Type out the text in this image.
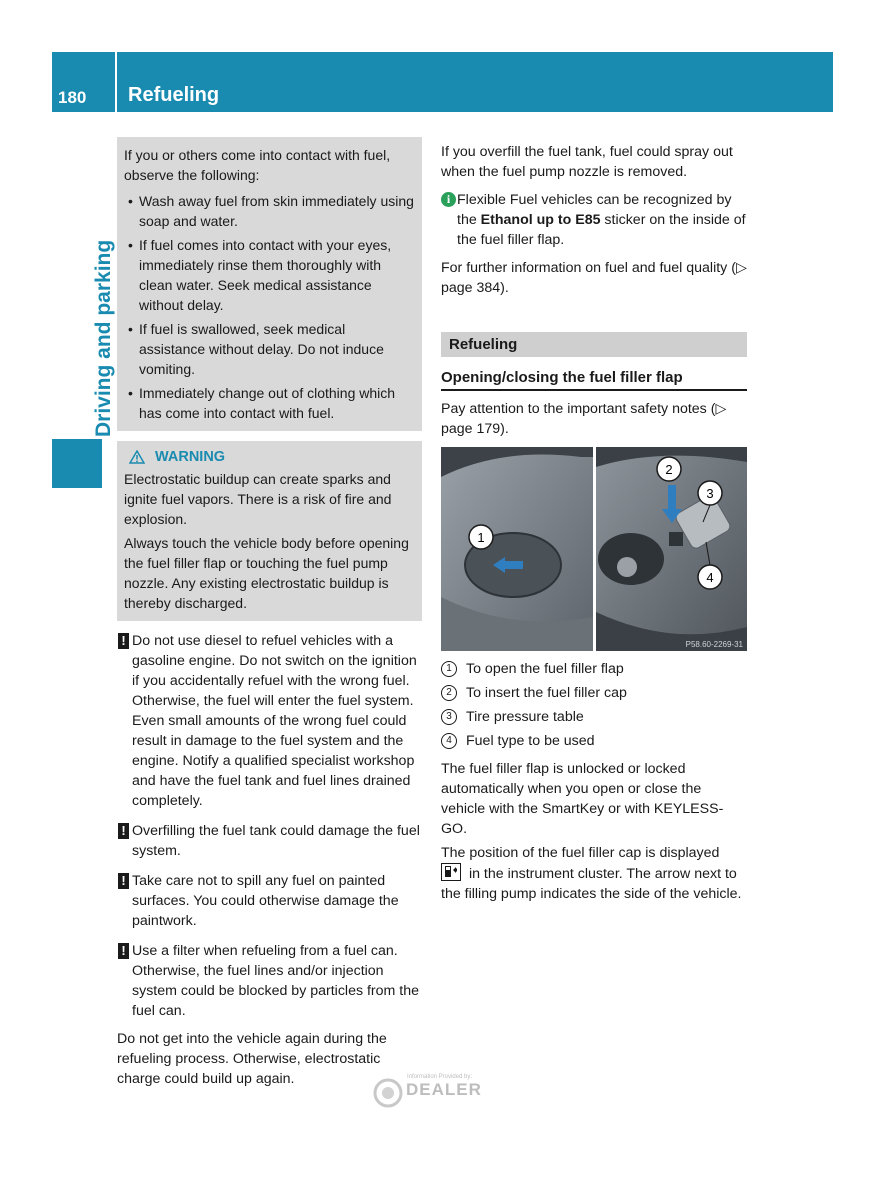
180 Refueling
Driving and parking

If you or others come into contact with fuel, observe the following:

• Wash away fuel from skin immediately using soap and water.

• If fuel comes into contact with your eyes, immediately rinse them thoroughly with clean water. Seek medical assistance without delay.

• If fuel is swallowed, seek medical assistance without delay. Do not induce vomiting.

• Immediately change out of clothing which has come into contact with fuel.

WARNING

Electrostatic buildup can create sparks and ignite fuel vapors. There is a risk of fire and explosion.

Always touch the vehicle body before opening the fuel filler flap or touching the fuel pump nozzle. Any existing electrostatic buildup is thereby discharged.

! Do not use diesel to refuel vehicles with a gasoline engine. Do not switch on the ignition if you accidentally refuel with the wrong fuel. Otherwise, the fuel will enter the fuel system. Even small amounts of the wrong fuel could result in damage to the fuel system and the engine. Notify a qualified specialist workshop and have the fuel tank and fuel lines drained completely.

! Overfilling the fuel tank could damage the fuel system.

! Take care not to spill any fuel on painted surfaces. You could otherwise damage the paintwork.

! Use a filter when refueling from a fuel can. Otherwise, the fuel lines and/or injection system could be blocked by particles from the fuel can.

Do not get into the vehicle again during the refueling process. Otherwise, electrostatic charge could build up again.

If you overfill the fuel tank, fuel could spray out when the fuel pump nozzle is removed.

i Flexible Fuel vehicles can be recognized by the Ethanol up to E85 sticker on the inside of the fuel filler flap.

For further information on fuel and fuel quality (▷ page 384).

Refueling
Opening/closing the fuel filler flap

Pay attention to the important safety notes (▷ page 179).

1
2
3
4
P58.60-2269-31

1	To open the fuel filler flap

2	To insert the fuel filler cap

3	Tire pressure table

4	Fuel type to be used

The fuel filler flap is unlocked or locked automatically when you open or close the vehicle with the SmartKey or with KEYLESS-GO.

The position of the fuel filler cap is displayed
in the instrument cluster. The arrow next to the filling pump indicates the side of the vehicle.

Information Provided by:
DEALER
